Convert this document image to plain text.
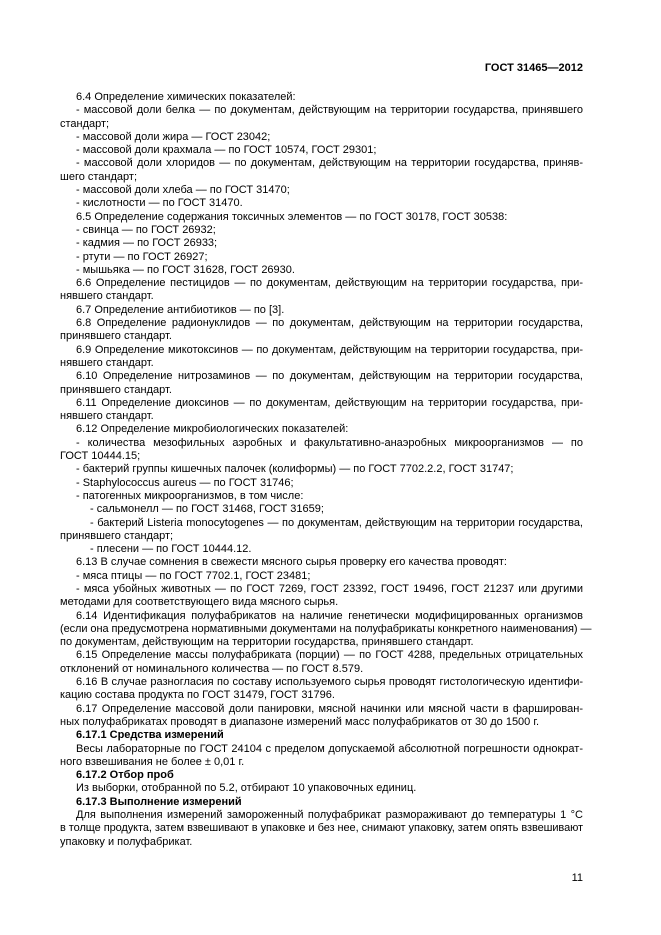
ГОСТ 31465—2012
6.4 Определение химических показателей:
- массовой доли белка — по документам, действующим на территории государства, принявшего
стандарт;
- массовой доли жира — ГОСТ 23042;
- массовой доли крахмала — по ГОСТ 10574, ГОСТ 29301;
- массовой доли хлоридов — по документам, действующим на территории государства, приняв-
шего стандарт;
- массовой доли хлеба — по ГОСТ 31470;
- кислотности — по ГОСТ 31470.
6.5 Определение содержания токсичных элементов — по ГОСТ 30178, ГОСТ 30538:
- свинца — по ГОСТ 26932;
- кадмия — по ГОСТ 26933;
- ртути — по ГОСТ 26927;
- мышьяка — по ГОСТ 31628, ГОСТ 26930.
6.6 Определение пестицидов — по документам, действующим на территории государства, при-
нявшего стандарт.
6.7 Определение антибиотиков — по [3].
6.8 Определение радионуклидов — по документам, действующим на территории государства,
принявшего стандарт.
6.9 Определение микотоксинов — по документам, действующим на территории государства, при-
нявшего стандарт.
6.10 Определение нитрозаминов — по документам, действующим на территории государства,
принявшего стандарт.
6.11 Определение диоксинов — по документам, действующим на территории государства, при-
нявшего стандарт.
6.12 Определение микробиологических показателей:
- количества мезофильных аэробных и факультативно-анаэробных микроорганизмов — по
ГОСТ 10444.15;
- бактерий группы кишечных палочек (колиформы) — по ГОСТ 7702.2.2, ГОСТ 31747;
- Staphylococcus aureus — по ГОСТ 31746;
- патогенных микроорганизмов, в том числе:
- сальмонелл — по ГОСТ 31468, ГОСТ 31659;
- бактерий Listeria monocytogenes — по документам, действующим на территории государства,
принявшего стандарт;
- плесени — по ГОСТ 10444.12.
6.13 В случае сомнения в свежести мясного сырья проверку его качества проводят:
- мяса птицы — по ГОСТ 7702.1, ГОСТ 23481;
- мяса убойных животных — по ГОСТ 7269, ГОСТ 23392, ГОСТ 19496, ГОСТ 21237 или другими
методами для соответствующего вида мясного сырья.
6.14 Идентификация полуфабрикатов на наличие генетически модифицированных организмов
(если она предусмотрена нормативными документами на полуфабрикаты конкретного наименования) —
по документам, действующим на территории государства, принявшего стандарт.
6.15 Определение массы полуфабриката (порции) — по ГОСТ 4288, предельных отрицательных
отклонений от номинального количества — по ГОСТ 8.579.
6.16 В случае разногласия по составу используемого сырья проводят гистологическую идентифи-
кацию состава продукта по ГОСТ 31479, ГОСТ 31796.
6.17 Определение массовой доли панировки, мясной начинки или мясной части в фарширован-
ных полуфабрикатах проводят в диапазоне измерений масс полуфабрикатов от 30 до 1500 г.
6.17.1 Средства измерений
Весы лабораторные по ГОСТ 24104 с пределом допускаемой абсолютной погрешности однократ-
ного взвешивания не более ± 0,01 г.
6.17.2 Отбор проб
Из выборки, отобранной по 5.2, отбирают 10 упаковочных единиц.
6.17.3 Выполнение измерений
Для выполнения измерений замороженный полуфабрикат размораживают до температуры 1 °С
в толще продукта, затем взвешивают в упаковке и без нее, снимают упаковку, затем опять взвешивают
упаковку и полуфабрикат.
11
